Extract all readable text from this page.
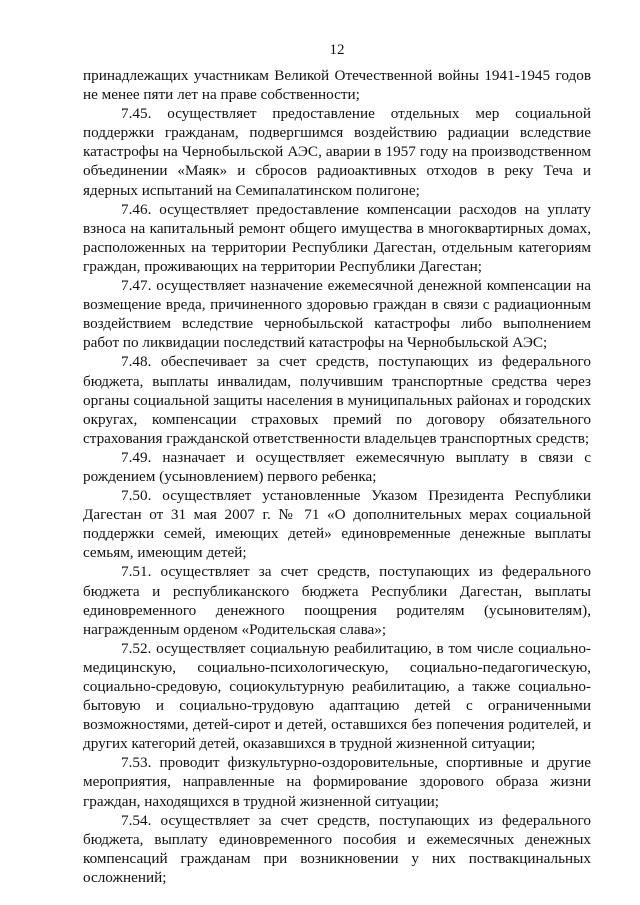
12

принадлежащих участникам Великой Отечественной войны 1941-1945 годов не менее пяти лет на праве собственности;

7.45. осуществляет предоставление отдельных мер социальной поддержки гражданам, подвергшимся воздействию радиации вследствие катастрофы на Чернобыльской АЭС, аварии в 1957 году на производственном объединении «Маяк» и сбросов радиоактивных отходов в реку Теча и ядерных испытаний на Семипалатинском полигоне;

7.46. осуществляет предоставление компенсации расходов на уплату взноса на капитальный ремонт общего имущества в многоквартирных домах, расположенных на территории Республики Дагестан, отдельным категориям граждан, проживающих на территории Республики Дагестан;

7.47. осуществляет назначение ежемесячной денежной компенсации на возмещение вреда, причиненного здоровью граждан в связи с радиационным воздействием вследствие чернобыльской катастрофы либо выполнением работ по ликвидации последствий катастрофы на Чернобыльской АЭС;

7.48. обеспечивает за счет средств, поступающих из федерального бюджета, выплаты инвалидам, получившим транспортные средства через органы социальной защиты населения в муниципальных районах и городских округах, компенсации страховых премий по договору обязательного страхования гражданской ответственности владельцев транспортных средств;

7.49. назначает и осуществляет ежемесячную выплату в связи с рождением (усыновлением) первого ребенка;

7.50. осуществляет установленные Указом Президента Республики Дагестан от 31 мая 2007 г. № 71 «О дополнительных мерах социальной поддержки семей, имеющих детей» единовременные денежные выплаты семьям, имеющим детей;

7.51. осуществляет за счет средств, поступающих из федерального бюджета и республиканского бюджета Республики Дагестан, выплаты единовременного денежного поощрения родителям (усыновителям), награжденным орденом «Родительская слава»;

7.52. осуществляет социальную реабилитацию, в том числе социально-медицинскую, социально-психологическую, социально-педагогическую, социально-средовую, социокультурную реабилитацию, а также социально-бытовую и социально-трудовую адаптацию детей с ограниченными возможностями, детей-сирот и детей, оставшихся без попечения родителей, и других категорий детей, оказавшихся в трудной жизненной ситуации;

7.53. проводит физкультурно-оздоровительные, спортивные и другие мероприятия, направленные на формирование здорового образа жизни граждан, находящихся в трудной жизненной ситуации;

7.54. осуществляет за счет средств, поступающих из федерального бюджета, выплату единовременного пособия и ежемесячных денежных компенсаций гражданам при возникновении у них поствакцинальных осложнений;
